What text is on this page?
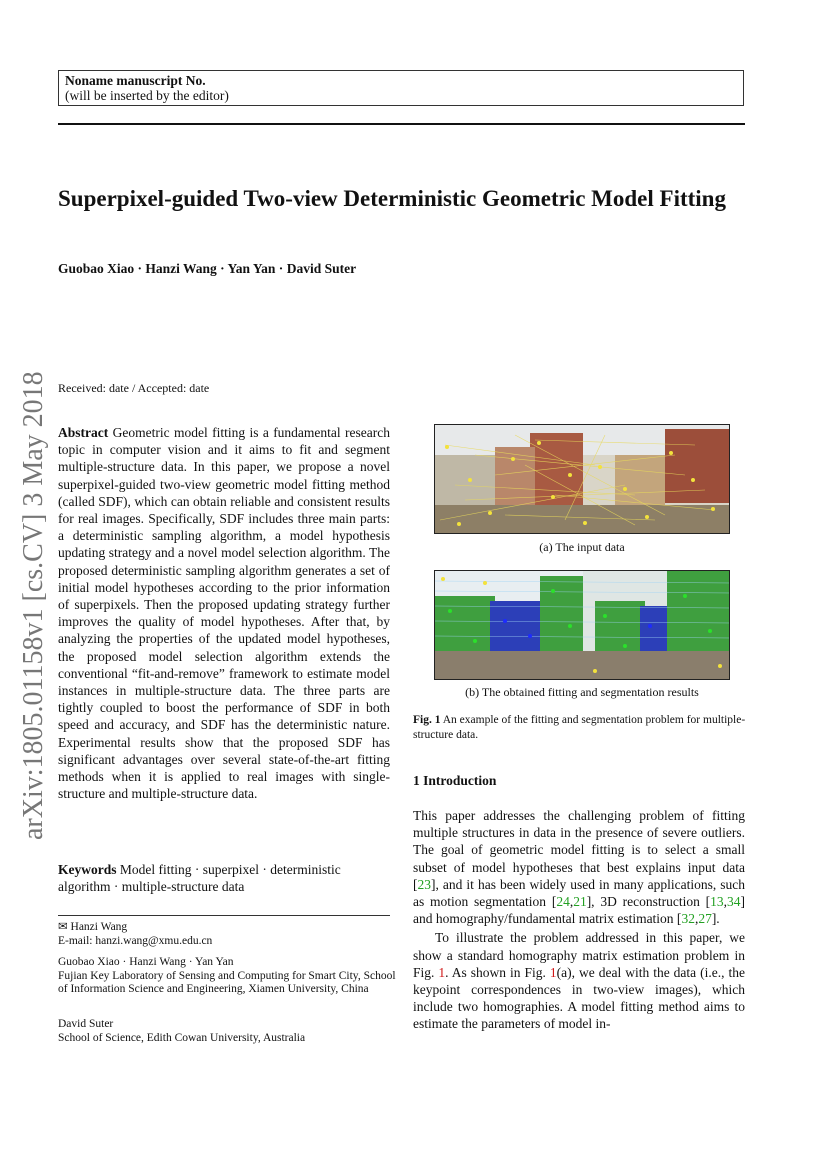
Noname manuscript No.
(will be inserted by the editor)
Superpixel-guided Two-view Deterministic Geometric Model Fitting
Guobao Xiao · Hanzi Wang · Yan Yan · David Suter
arXiv:1805.01158v1 [cs.CV] 3 May 2018 Received: date / Accepted: date
Abstract Geometric model fitting is a fundamental research topic in computer vision and it aims to fit and segment multiple-structure data. In this paper, we propose a novel superpixel-guided two-view geometric model fitting method (called SDF), which can obtain reliable and consistent results for real images. Specifically, SDF includes three main parts: a deterministic sampling algorithm, a model hypothesis updating strategy and a novel model selection algorithm. The proposed deterministic sampling algorithm generates a set of initial model hypotheses according to the prior information of superpixels. Then the proposed updating strategy further improves the quality of model hypotheses. After that, by analyzing the properties of the updated model hypotheses, the proposed model selection algorithm extends the conventional “fit-and-remove” framework to estimate model instances in multiple-structure data. The three parts are tightly coupled to boost the performance of SDF in both speed and accuracy, and SDF has the deterministic nature. Experimental results show that the proposed SDF has significant advantages over several state-of-the-art fitting methods when it is applied to real images with single-structure and multiple-structure data.
Keywords Model fitting · superpixel · deterministic algorithm · multiple-structure data
✉ Hanzi Wang
E-mail: hanzi.wang@xmu.edu.cn
Guobao Xiao · Hanzi Wang · Yan Yan
Fujian Key Laboratory of Sensing and Computing for Smart City, School of Information Science and Engineering, Xiamen University, China
David Suter
School of Science, Edith Cowan University, Australia
(a) The input data
(b) The obtained fitting and segmentation results
Fig. 1 An example of the fitting and segmentation problem for multiple-structure data.
1 Introduction

This paper addresses the challenging problem of fitting multiple structures in data in the presence of severe outliers. The goal of geometric model fitting is to select a small subset of model hypotheses that best explains input data [23], and it has been widely used in many applications, such as motion segmentation [24,21], 3D reconstruction [13,34] and homography/fundamental matrix estimation [32,27].

To illustrate the problem addressed in this paper, we show a standard homography matrix estimation problem in Fig. 1. As shown in Fig. 1(a), we deal with the data (i.e., the keypoint correspondences in two-view images), which include two homographies. A model fitting method aims to estimate the parameters of model in-
